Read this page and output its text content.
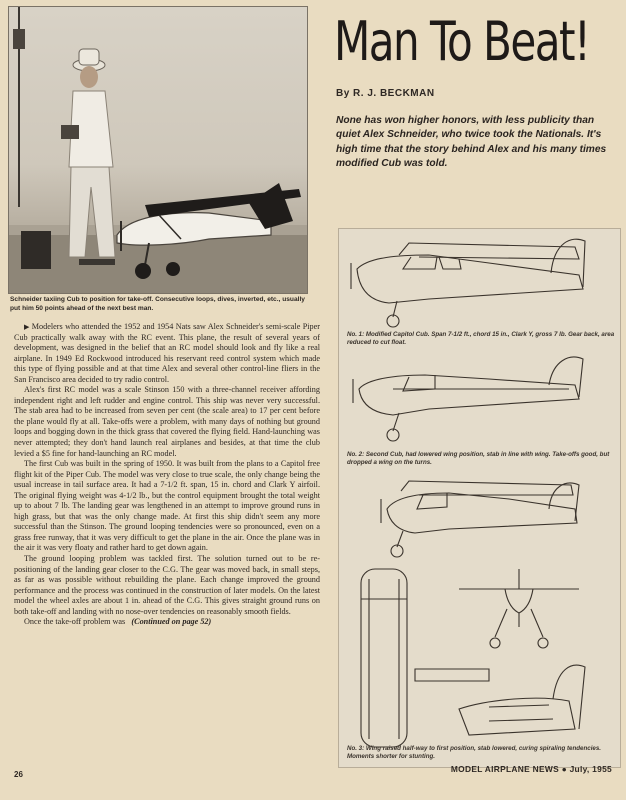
Schneider taxiing Cub to position for take-off. Consecutive loops, dives, inverted, etc., usually put him 50 points ahead of the next best man.
Man To Beat!
By R. J. BECKMAN
None has won higher honors, with less publicity than quiet Alex Schneider, who twice took the Nationals. It's high time that the story behind Alex and his many times modified Cub was told.

▶ Modelers who attended the 1952 and 1954 Nats saw Alex Schneider's semi-scale Piper Cub practically walk away with the RC event. This plane, the result of several years of development, was designed in the belief that an RC model should look and fly like a real airplane. In 1949 Ed Rockwood introduced his reservant reed control system which made this type of flying possible and at that time Alex and several other control-line fliers in the San Francisco area decided to try radio control.

Alex's first RC model was a scale Stinson 150 with a three-channel receiver affording independent right and left rudder and engine control. This ship was never very successful. The stab area had to be increased from seven per cent (the scale area) to 17 per cent before the plane would fly at all. Take-offs were a problem, with many days of nothing but ground loops and bogging down in the thick grass that covered the flying field. Hand-launching was never attempted; they don't hand launch real airplanes and besides, at that time the club levied a $5 fine for hand-launching an RC model.

The first Cub was built in the spring of 1950. It was built from the plans to a Capitol free flight kit of the Piper Cub. The model was very close to true scale, the only change being the usual increase in tail surface area. It had a 7-1/2 ft. span, 15 in. chord and Clark Y airfoil. The original flying weight was 4-1/2 lb., but the control equipment brought the total weight up to about 7 lb. The landing gear was lengthened in an attempt to improve ground runs in high grass, but that was the only change made. At first this ship didn't seem any more successful than the Stinson. The ground looping tendencies were so pronounced, even on a grass free runway, that it was very difficult to get the plane in the air. Once the plane was in the air it was very floaty and rather hard to get down again.

The ground looping problem was tackled first. The solution turned out to be re-positioning of the landing gear closer to the C.G. The gear was moved back, in small steps, as far as was possible without rebuilding the plane. Each change improved the ground performance and the process was continued in the construction of later models. On the latest model the wheel axles are about 1 in. ahead of the C.G. This gives straight ground runs on both take-off and landing with no nose-over tendencies on reasonably smooth fields.

Once the take-off problem was (Continued on page 52)

No. 1: Modified Capitol Cub. Span 7-1/2 ft., chord 15 in., Clark Y, gross 7 lb. Gear back, area reduced to cut float.
No. 2: Second Cub, had lowered wing position, stab in line with wing. Take-offs good, but dropped a wing on the turns.
No. 3: Wing raised half-way to first position, stab lowered, curing spiraling tendencies. Moments shorter for stunting.
26
MODEL AIRPLANE NEWS ● July, 1955
